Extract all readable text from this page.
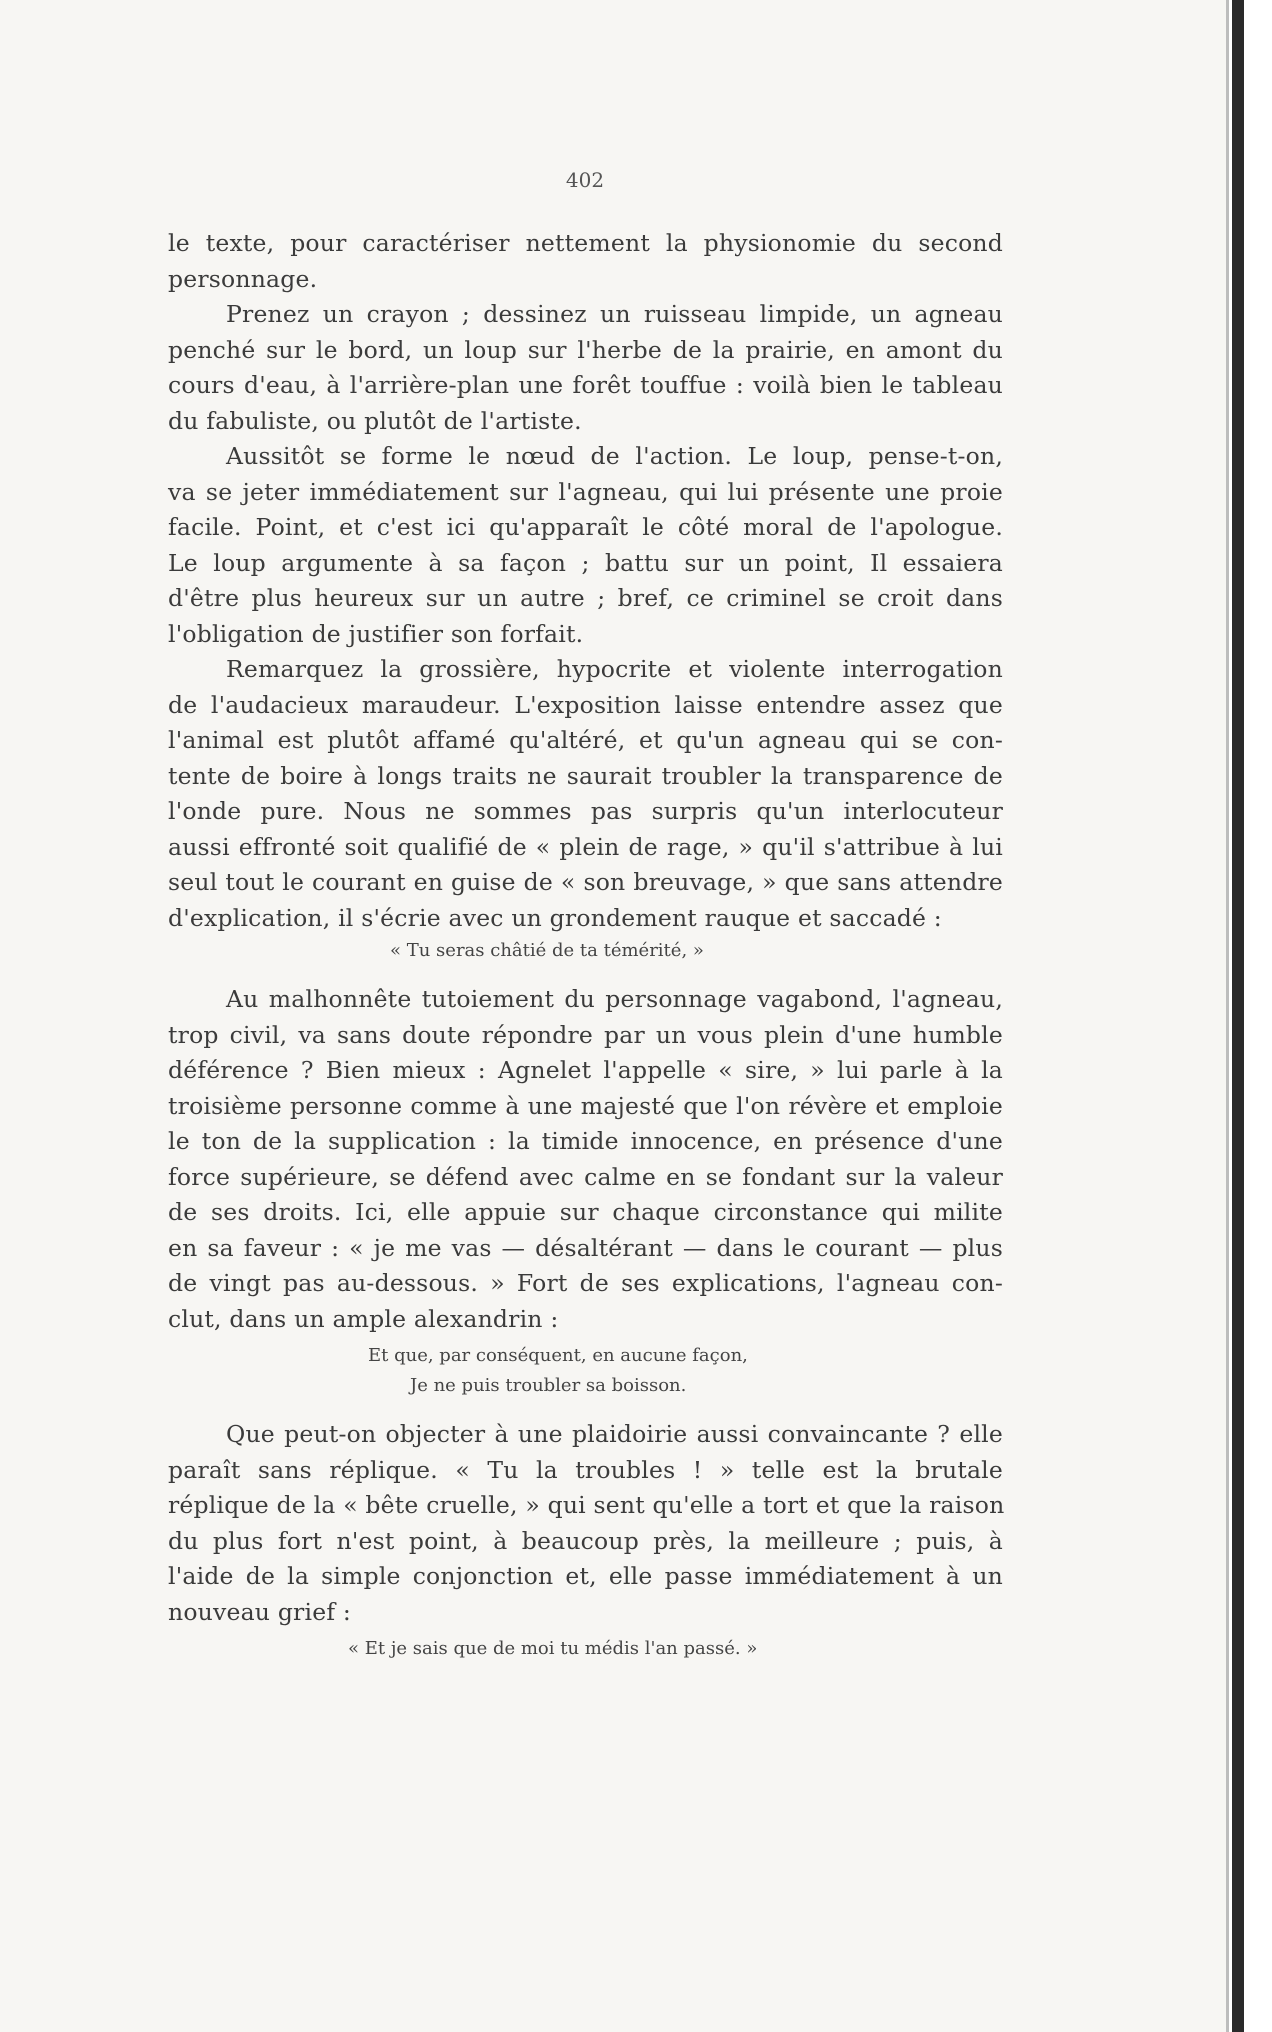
402
le texte, pour caractériser nettement la physionomie du second
personnage.
Prenez un crayon ; dessinez un ruisseau limpide, un agneau
penché sur le bord, un loup sur l'herbe de la prairie, en amont du
cours d'eau, à l'arrière-plan une forêt touffue : voilà bien le tableau
du fabuliste, ou plutôt de l'artiste.
Aussitôt se forme le nœud de l'action. Le loup, pense-t-on,
va se jeter immédiatement sur l'agneau, qui lui présente une proie
facile. Point, et c'est ici qu'apparaît le côté moral de l'apologue.
Le loup argumente à sa façon ; battu sur un point, Il essaiera
d'être plus heureux sur un autre ; bref, ce criminel se croit dans
l'obligation de justifier son forfait.
Remarquez la grossière, hypocrite et violente interrogation
de l'audacieux maraudeur. L'exposition laisse entendre assez que
l'animal est plutôt affamé qu'altéré, et qu'un agneau qui se con-
tente de boire à longs traits ne saurait troubler la transparence de
l'onde pure. Nous ne sommes pas surpris qu'un interlocuteur
aussi effronté soit qualifié de « plein de rage, » qu'il s'attribue à lui
seul tout le courant en guise de « son breuvage, » que sans attendre
d'explication, il s'écrie avec un grondement rauque et saccadé :
« Tu seras châtié de ta témérité, »
Au malhonnête tutoiement du personnage vagabond, l'agneau,
trop civil, va sans doute répondre par un vous plein d'une humble
déférence ? Bien mieux : Agnelet l'appelle « sire, » lui parle à la
troisième personne comme à une majesté que l'on révère et emploie
le ton de la supplication : la timide innocence, en présence d'une
force supérieure, se défend avec calme en se fondant sur la valeur
de ses droits. Ici, elle appuie sur chaque circonstance qui milite
en sa faveur : « je me vas — désaltérant — dans le courant — plus
de vingt pas au-dessous. » Fort de ses explications, l'agneau con-
clut, dans un ample alexandrin :
Et que, par conséquent, en aucune façon,
Je ne puis troubler sa boisson.
Que peut-on objecter à une plaidoirie aussi convaincante ? elle
paraît sans réplique. « Tu la troubles ! » telle est la brutale
réplique de la « bête cruelle, » qui sent qu'elle a tort et que la raison
du plus fort n'est point, à beaucoup près, la meilleure ; puis, à
l'aide de la simple conjonction et, elle passe immédiatement à un
nouveau grief :
« Et je sais que de moi tu médis l'an passé. »
